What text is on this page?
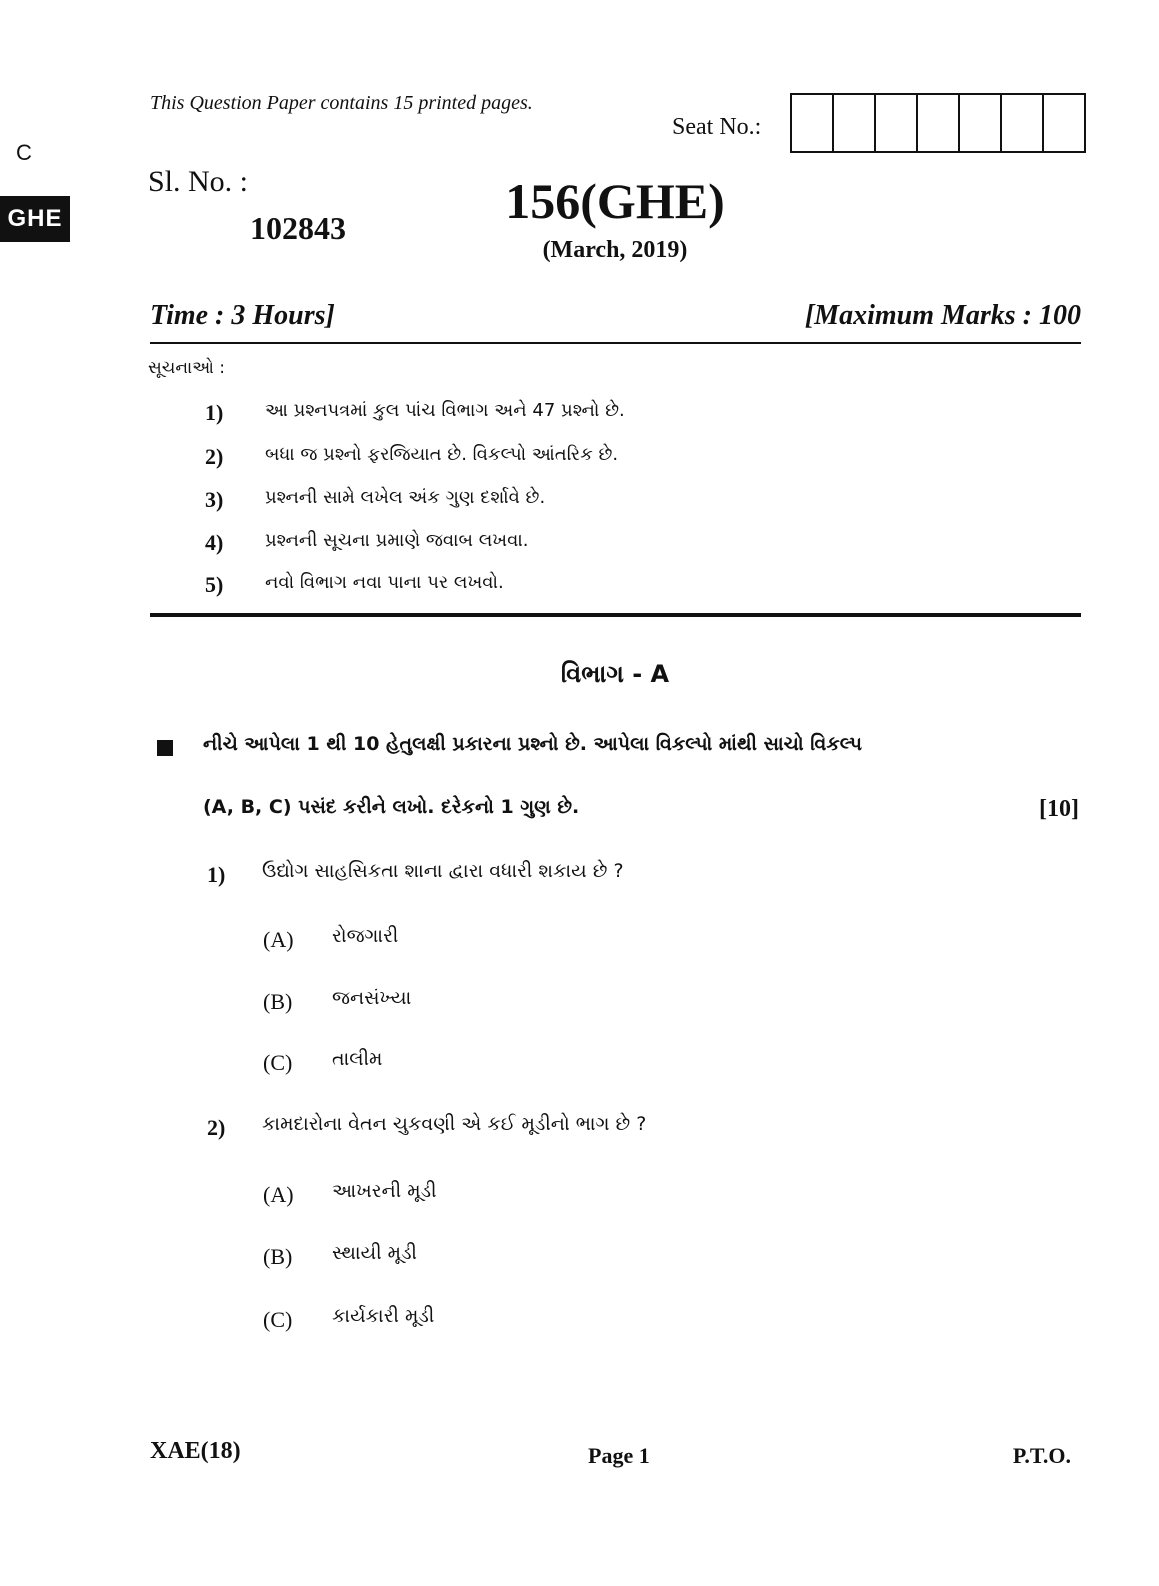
C
GHE
This Question Paper contains 15 printed pages.
Seat No.:
Sl. No. :
102843	156(GHE)
(March, 2019)
Time : 3 Hours]	[Maximum Marks : 100
સૂચનાઓ :
1)	આ પ્રશ્નપત્રમાં કુલ પાંચ વિભાગ અને 47 પ્રશ્નો છે.
2)	બધા જ પ્રશ્નો ફરજિયાત છે. વિકલ્પો આંતરિક છે.
3)	પ્રશ્નની સામે લખેલ અંક ગુણ દર્શાવે છે.
4)	પ્રશ્નની સૂચના પ્રમાણે જવાબ લખવા.
5)	નવો વિભાગ નવા પાના પર લખવો.
વિભાગ - A
નીચે આપેલા 1 થી 10 હેતુલક્ષી પ્રકારના પ્રશ્નો છે. આપેલા વિકલ્પો માંથી સાચો વિકલ્પ
(A, B, C) પસંદ કરીને લખો. દરેકનો 1 ગુણ છે.	[10]
1) ઉદ્યોગ સાહસિકતા શાના દ્વારા વધારી શકાય છે ?
(A) રોજગારી
(B) જનસંખ્યા
(C) તાલીમ
2) કામદારોના વેતન ચુકવણી એ કઈ મૂડીનો ભાગ છે ?
(A) આખરની મૂડી
(B) સ્થાયી મૂડી
(C) કાર્યકારી મૂડી
XAE(18)	Page 1	P.T.O.
